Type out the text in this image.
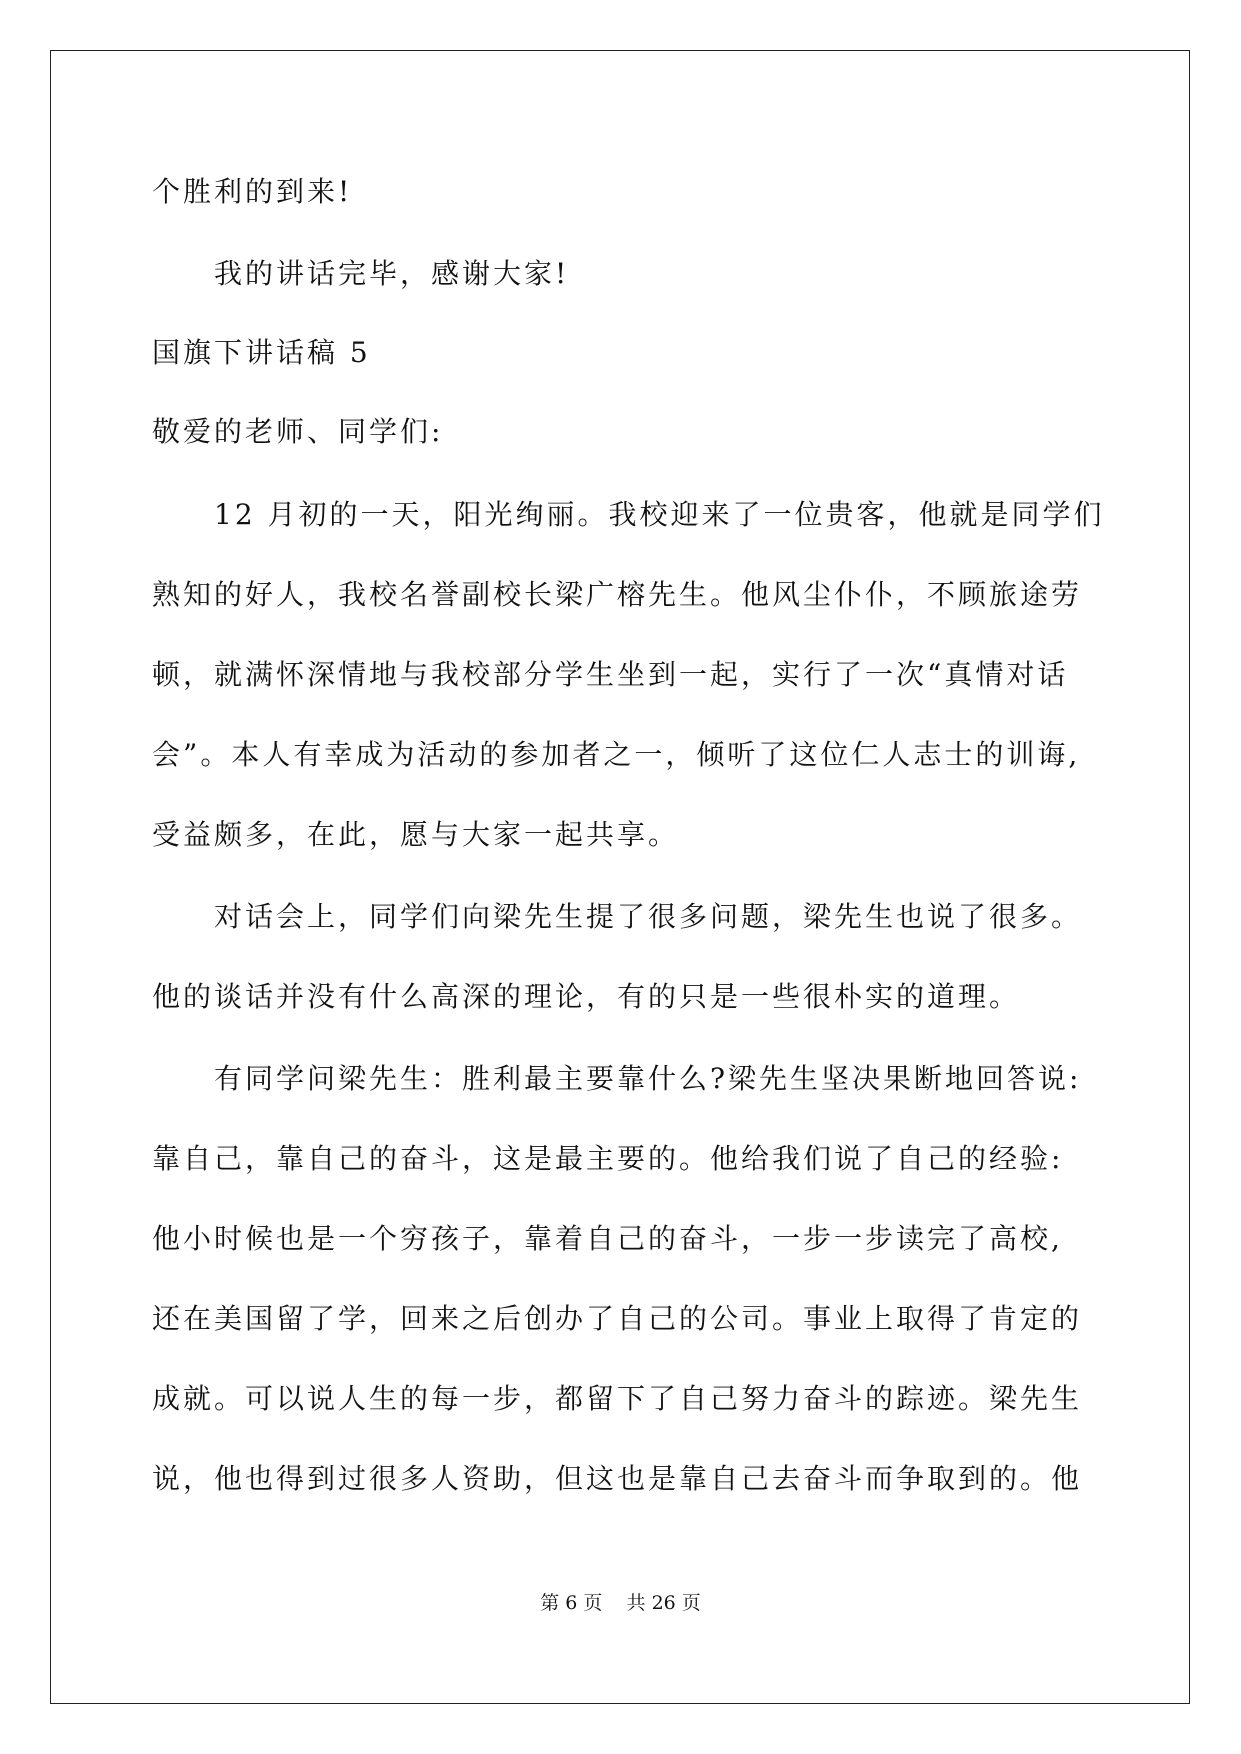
个胜利的到来!
我的讲话完毕，感谢大家!
国旗下讲话稿 5
敬爱的老师、同学们:
12 月初的一天，阳光绚丽。我校迎来了一位贵客，他就是同学们
熟知的好人，我校名誉副校长梁广榕先生。他风尘仆仆，不顾旅途劳
顿，就满怀深情地与我校部分学生坐到一起，实行了一次“真情对话
会”。本人有幸成为活动的参加者之一，倾听了这位仁人志士的训诲,
受益颇多，在此，愿与大家一起共享。
对话会上，同学们向梁先生提了很多问题，梁先生也说了很多。
他的谈话并没有什么高深的理论，有的只是一些很朴实的道理。
有同学问梁先生：胜利最主要靠什么?梁先生坚决果断地回答说:
靠自己，靠自己的奋斗，这是最主要的。他给我们说了自己的经验:
他小时候也是一个穷孩子，靠着自己的奋斗，一步一步读完了高校,
还在美国留了学，回来之后创办了自己的公司。事业上取得了肯定的
成就。可以说人生的每一步，都留下了自己努力奋斗的踪迹。梁先生
说，他也得到过很多人资助，但这也是靠自己去奋斗而争取到的。他
第 6 页    共 26 页
